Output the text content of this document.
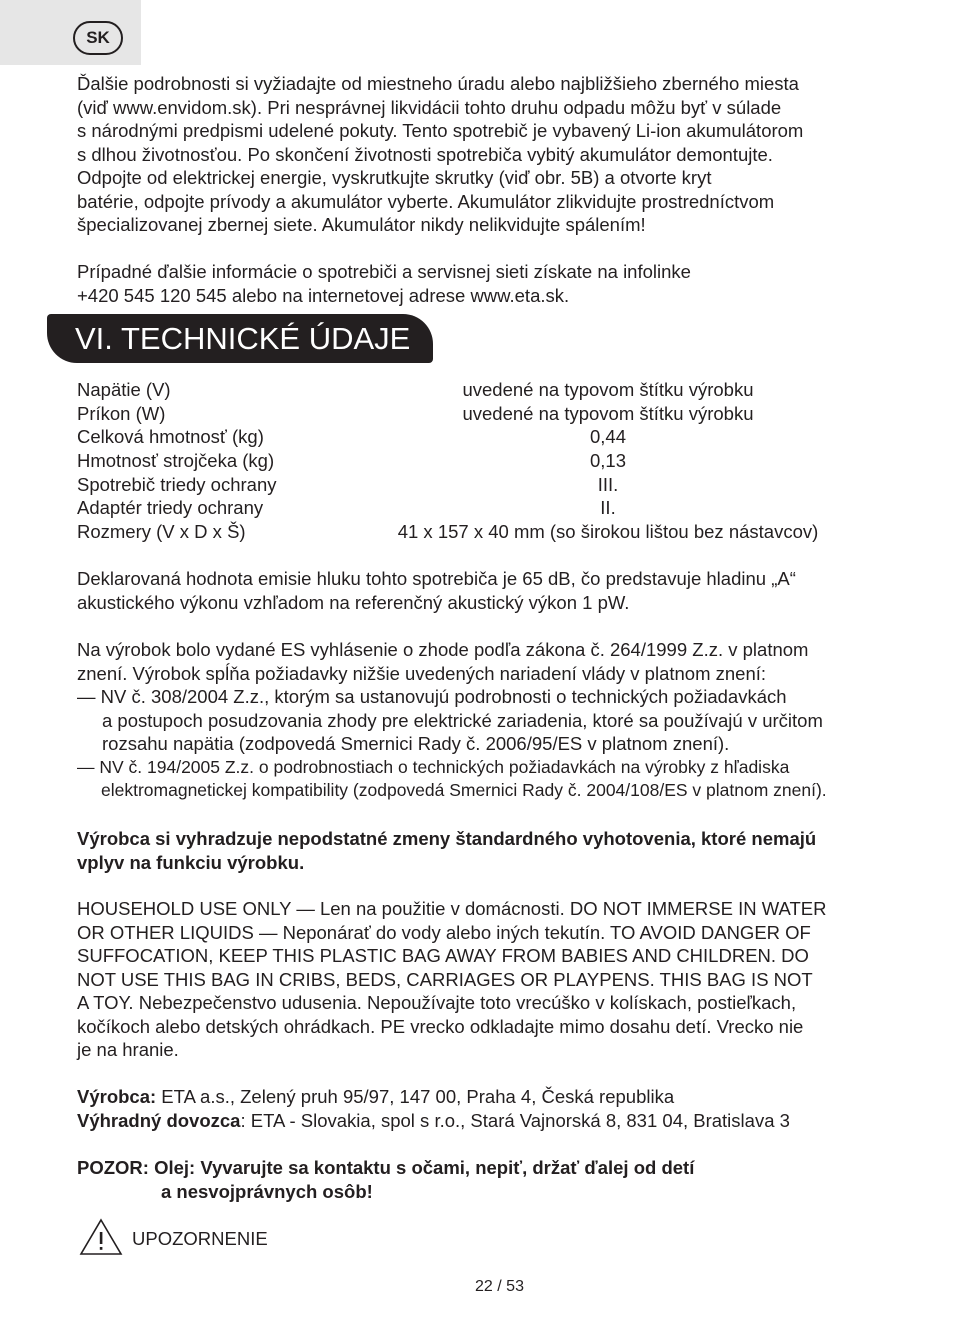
SK
Ďalšie podrobnosti si vyžiadajte od miestneho úradu alebo najbližšieho zberného miesta
(viď www.envidom.sk). Pri nesprávnej likvidácii tohto druhu odpadu môžu byť v súlade
s národnými predpismi udelené pokuty. Tento spotrebič je vybavený Li-ion akumulátorom
s dlhou životnosťou. Po skončení životnosti spotrebiča vybitý akumulátor demontujte.
Odpojte od elektrickej energie, vyskrutkujte skrutky (viď obr. 5B) a otvorte kryt
batérie, odpojte prívody a akumulátor vyberte. Akumulátor zlikvidujte prostredníctvom
špecializovanej zbernej siete. Akumulátor nikdy nelikvidujte spálením!
Prípadné ďalšie informácie o spotrebiči a servisnej sieti získate na infolinke
+420 545 120 545 alebo na internetovej adrese www.eta.sk.
VI. TECHNICKÉ ÚDAJE
Napätie (V)	uvedené na typovom štítku výrobku
Príkon (W)	uvedené na typovom štítku výrobku
Celková hmotnosť (kg)	0,44
Hmotnosť strojčeka (kg)	0,13
Spotrebič triedy ochrany	III.
Adaptér triedy ochrany	II.
Rozmery (V x D x Š)	41 x 157 x 40 mm (so širokou lištou bez nástavcov)
Deklarovaná hodnota emisie hluku tohto spotrebiča je 65 dB, čo predstavuje hladinu „A“
akustického výkonu vzhľadom na referenčný akustický výkon 1 pW.
Na výrobok bolo vydané ES vyhlásenie o zhode podľa zákona č. 264/1999 Z.z. v platnom
znení. Výrobok spĺňa požiadavky nižšie uvedených nariadení vlády v platnom znení:
— NV č. 308/2004 Z.z., ktorým sa ustanovujú podrobnosti o technických požiadavkách
a postupoch posudzovania zhody pre elektrické zariadenia, ktoré sa používajú v určitom
rozsahu napätia (zodpovedá Smernici Rady č. 2006/95/ES v platnom znení).
— NV č. 194/2005 Z.z. o podrobnostiach o technických požiadavkách na výrobky z hľadiska
elektromagnetickej kompatibility (zodpovedá Smernici Rady č. 2004/108/ES v platnom znení).
Výrobca si vyhradzuje nepodstatné zmeny štandardného vyhotovenia, ktoré nemajú
vplyv na funkciu výrobku.
HOUSEHOLD USE ONLY — Len na použitie v domácnosti. DO NOT IMMERSE IN WATER
OR OTHER LIQUIDS — Neponárať do vody alebo iných tekutín. TO AVOID DANGER OF
SUFFOCATION, KEEP THIS PLASTIC BAG AWAY FROM BABIES AND CHILDREN. DO
NOT USE THIS BAG IN CRIBS, BEDS, CARRIAGES OR PLAYPENS. THIS BAG IS NOT
A TOY. Nebezpečenstvo udusenia. Nepoužívajte toto vrecúško v kolískach, postieľkach,
kočíkoch alebo detských ohrádkach. PE vrecko odkladajte mimo dosahu detí. Vrecko nie
je na hranie.
Výrobca: ETA a.s., Zelený pruh 95/97, 147 00, Praha 4, Česká republika
Výhradný dovozca: ETA - Slovakia, spol s r.o., Stará Vajnorská 8, 831 04, Bratislava 3
POZOR: Olej: Vyvarujte sa kontaktu s očami, nepiť, držať ďalej od detí
a nesvojprávnych osôb!
UPOZORNENIE
22 / 53
